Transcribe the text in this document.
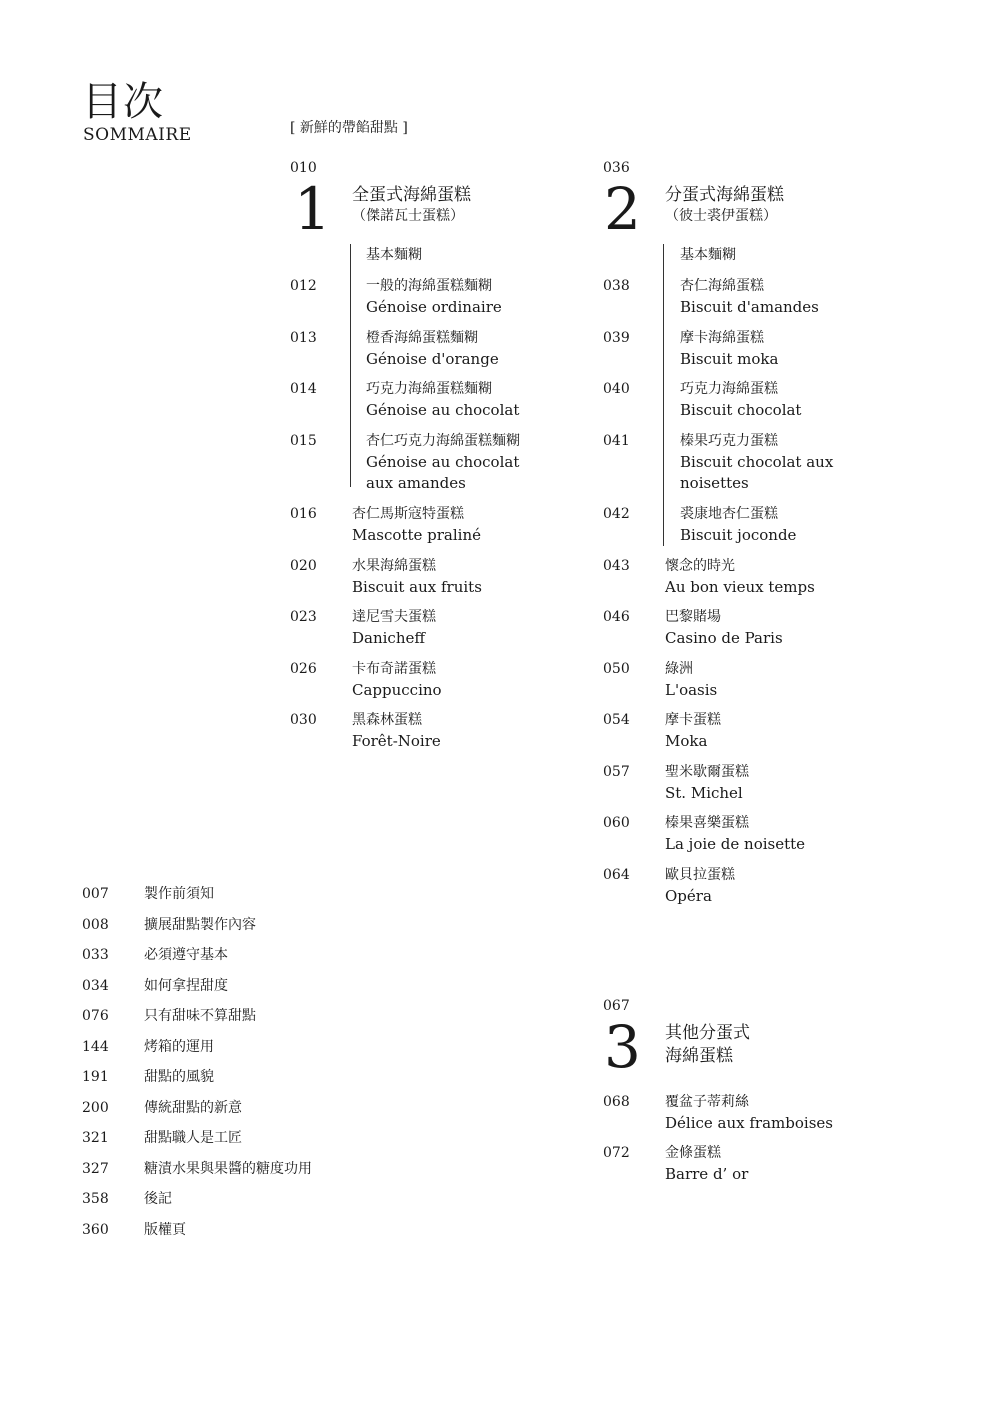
目次
SOMMAIRE	[ 新鮮的帶餡甜點 ]
010
1 全蛋式海綿蛋糕
（傑諾瓦士蛋糕）
基本麵糊
012	一般的海綿蛋糕麵糊
Génoise ordinaire
013	橙香海綿蛋糕麵糊
Génoise d'orange
014	巧克力海綿蛋糕麵糊
Génoise au chocolat
015	杏仁巧克力海綿蛋糕麵糊
Génoise au chocolat
aux amandes
016	杏仁馬斯寇特蛋糕
Mascotte praliné
020	水果海綿蛋糕
Biscuit aux fruits
023	達尼雪夫蛋糕
Danicheff
026	卡布奇諾蛋糕
Cappuccino
030	黑森林蛋糕
Forêt-Noire
036
2 分蛋式海綿蛋糕
（彼士裘伊蛋糕）
基本麵糊
038	杏仁海綿蛋糕
Biscuit d'amandes
039	摩卡海綿蛋糕
Biscuit moka
040	巧克力海綿蛋糕
Biscuit chocolat
041	榛果巧克力蛋糕
Biscuit chocolat aux
noisettes
042	裘康地杏仁蛋糕
Biscuit joconde
043	懷念的時光
Au bon vieux temps
046	巴黎賭場
Casino de Paris
050	綠洲
L'oasis
054	摩卡蛋糕
Moka
057	聖米歇爾蛋糕
St. Michel
060	榛果喜樂蛋糕
La joie de noisette
064	歐貝拉蛋糕
Opéra
067
3 其他分蛋式
海綿蛋糕
068	覆盆子蒂莉絲
Délice aux framboises
072	金條蛋糕
Barre d’ or
007	製作前須知
008	擴展甜點製作內容
033	必須遵守基本
034	如何拿捏甜度
076	只有甜味不算甜點
144	烤箱的運用
191	甜點的風貌
200	傳統甜點的新意
321	甜點職人是工匠
327	糖漬水果與果醬的糖度功用
358	後記
360	版權頁
